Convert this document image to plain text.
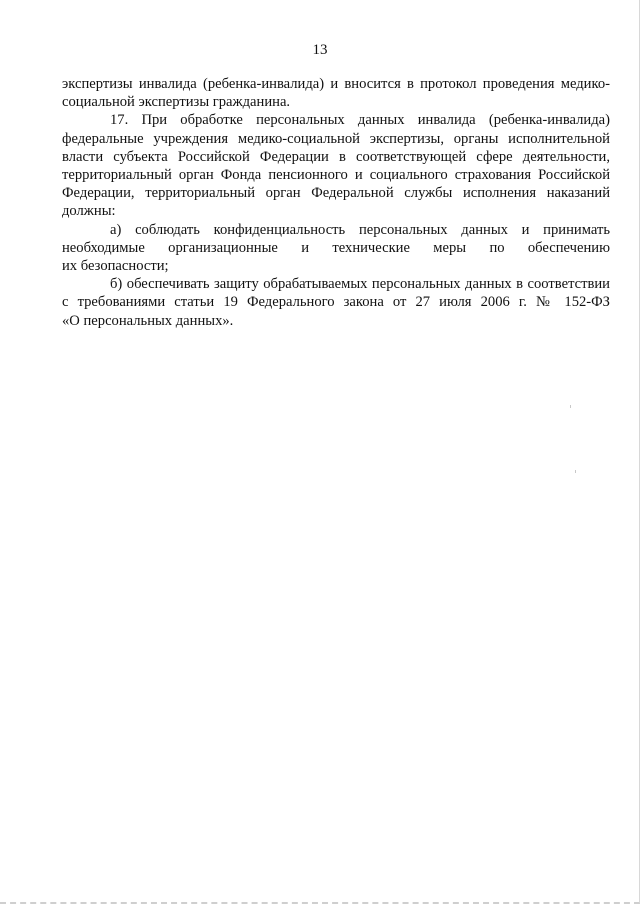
13
экспертизы инвалида (ребенка-инвалида) и вносится в протокол проведения медико-
социальной экспертизы гражданина.
17. При обработке персональных данных инвалида (ребенка-инвалида)
федеральные учреждения медико-социальной экспертизы, органы исполнительной
власти субъекта Российской Федерации в соответствующей сфере деятельности,
территориальный орган Фонда пенсионного и социального страхования Российской
Федерации, территориальный орган Федеральной службы исполнения наказаний
должны:
а) соблюдать конфиденциальность персональных данных и принимать
необходимые организационные и технические меры по обеспечению
их безопасности;
б) обеспечивать защиту обрабатываемых персональных данных в соответствии
с требованиями статьи 19 Федерального закона от 27 июля 2006 г. № 152-ФЗ
«О персональных данных».
